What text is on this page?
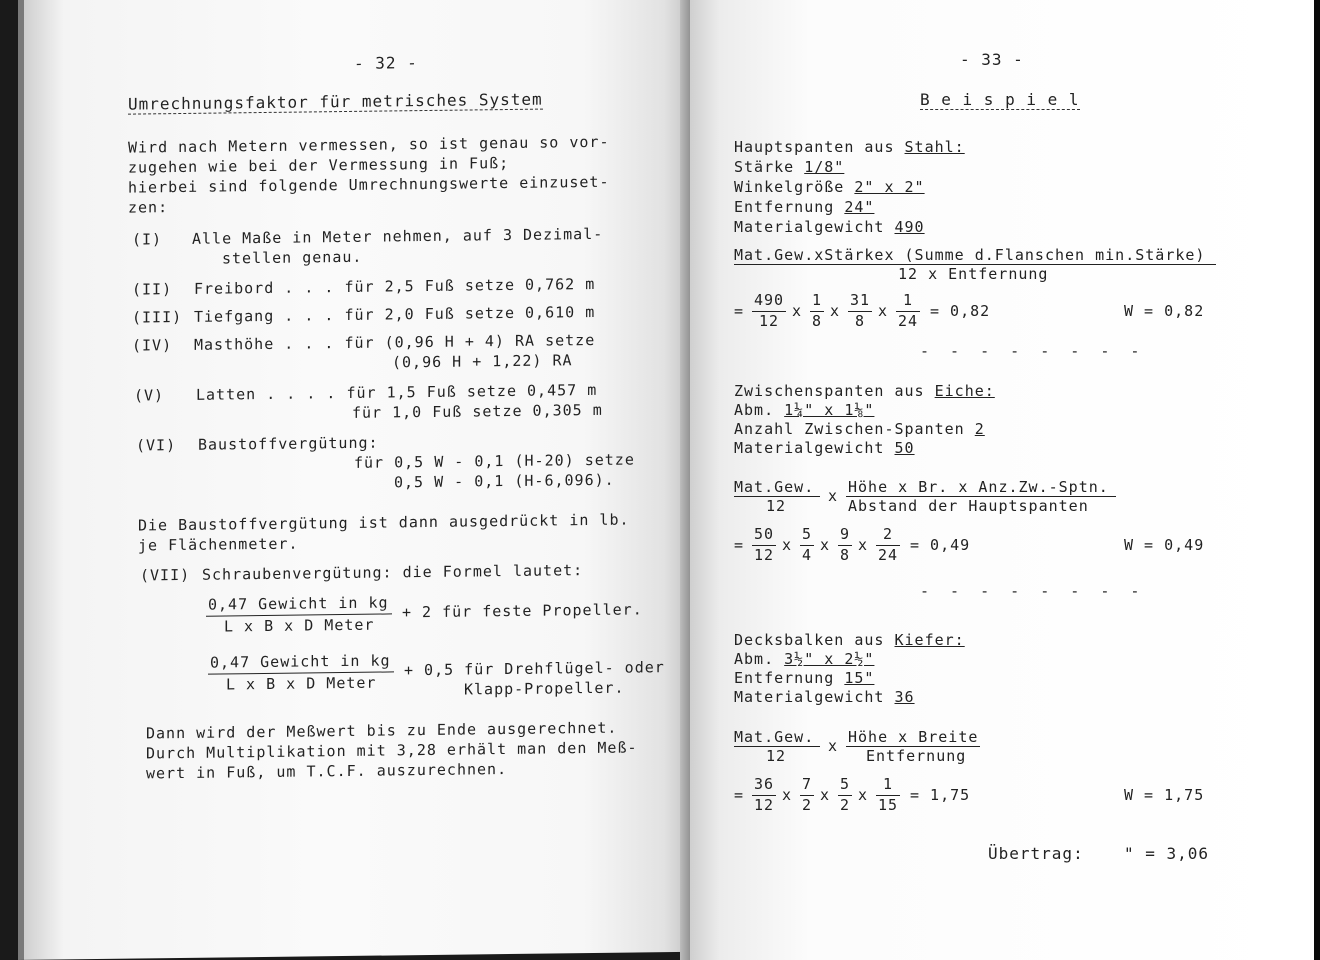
- 32 -
Umrechnungsfaktor für metrisches System
Wird nach Metern vermessen, so ist genau so vor-
zugehen wie bei der Vermessung in Fuß;
hierbei sind folgende Umrechnungswerte einzuset-
zen:
(I) Alle Maße in Meter nehmen, auf 3 Dezimal-
stellen genau.
(II) Freibord . . . für 2,5 Fuß setze 0,762 m
(III) Tiefgang . . . für 2,0 Fuß setze 0,610 m
(IV) Masthöhe . . . für (0,96 H + 4) RA setze
(0,96 H + 1,22) RA
(V) Latten . . . . für 1,5 Fuß setze 0,457 m
für 1,0 Fuß setze 0,305 m
(VI) Baustoffvergütung:
für 0,5 W - 0,1 (H-20) setze
0,5 W - 0,1 (H-6,096).
Die Baustoffvergütung ist dann ausgedrückt in lb.
je Flächenmeter.
(VII) Schraubenvergütung: die Formel lautet:
0,47 Gewicht in kg
L x B x D Meter
+ 2 für feste Propeller.
0,47 Gewicht in kg
L x B x D Meter
+ 0,5 für Drehflügel- oder
Klapp-Propeller.
Dann wird der Meßwert bis zu Ende ausgerechnet.
Durch Multiplikation mit 3,28 erhält man den Meß-
wert in Fuß, um T.C.F. auszurechnen.
- 33 -
B e i s p i e l
Hauptspanten aus Stahl:
Stärke 1/8"
Winkelgröße 2" x 2"
Entfernung 24"
Materialgewicht 490
Mat.Gew.xStärkex (Summe d.Flanschen min.Stärke)
12 x Entfernung
=
490
12
x
1
8
x
31
8
x
1
24
= 0,82	W = 0,82
- - - - - - - -
Zwischenspanten aus Eiche:
Abm. 1¼" x 1⅛"
Anzahl Zwischen-Spanten 2
Materialgewicht 50
Mat.Gew.
12
x Höhe x Br. x Anz.Zw.-Sptn.
Abstand der Hauptspanten
=
50
12
x
5
4
x
9
8
x
2
24
= 0,49	W = 0,49
- - - - - - - -
Decksbalken aus Kiefer:
Abm. 3½" x 2½"
Entfernung 15"
Materialgewicht 36
Mat.Gew.
12
x Höhe x Breite
Entfernung
=
36
12
x
7
2
x
5
2
x
1
15
= 1,75	W = 1,75
Übertrag:	" = 3,06
